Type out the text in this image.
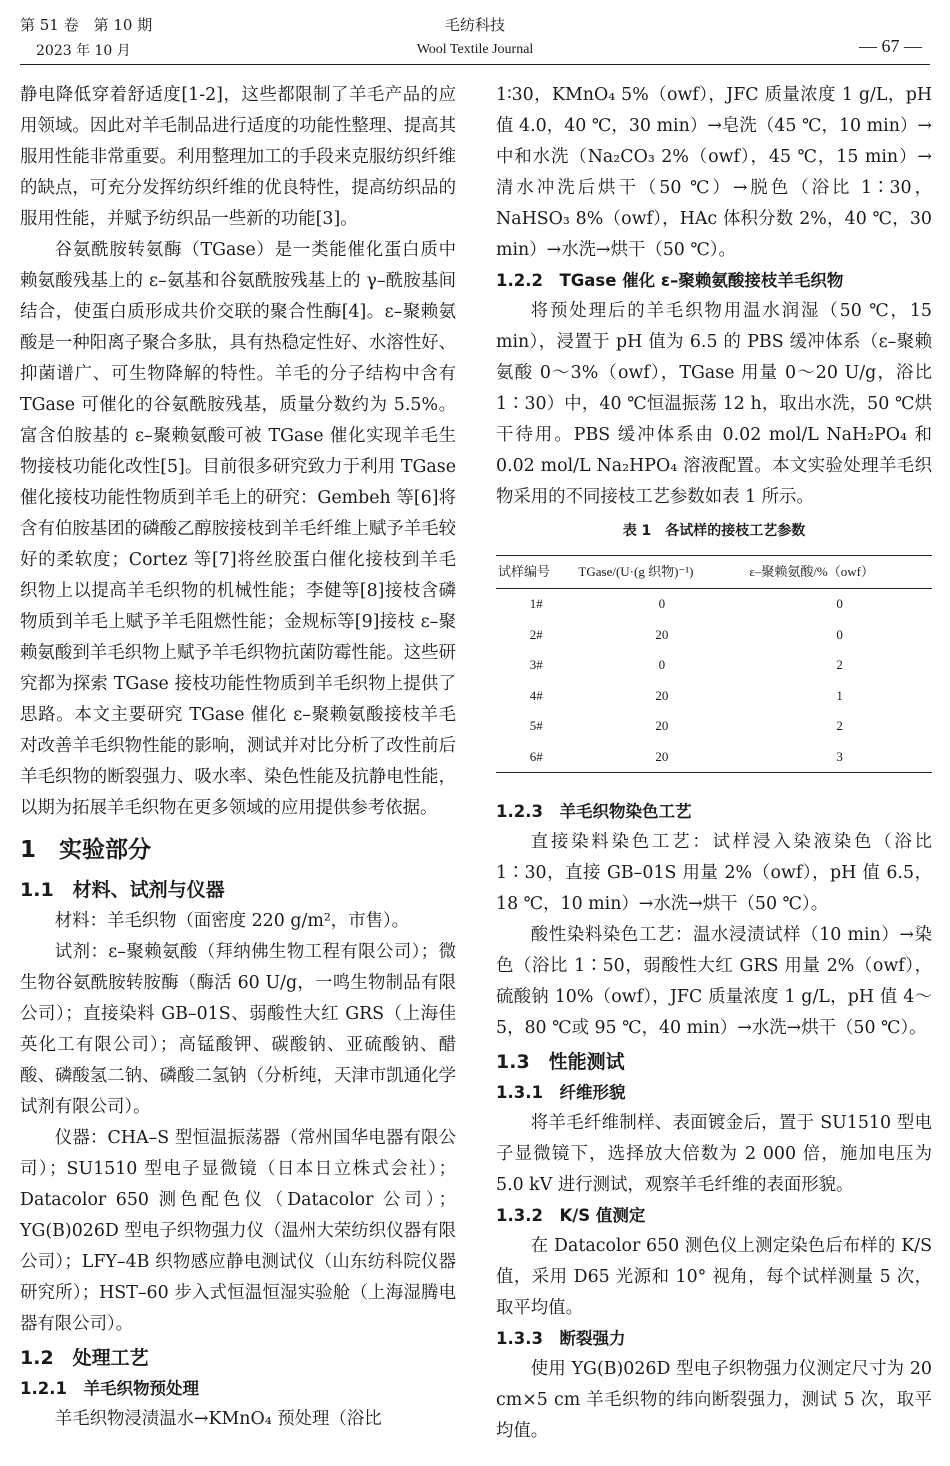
第 51 卷　第 10 期
2023 年 10 月
毛纺科技
Wool Textile Journal	— 67 —

静电降低穿着舒适度[1-2]，这些都限制了羊毛产品的应用领域。因此对羊毛制品进行适度的功能性整理、提高其服用性能非常重要。利用整理加工的手段来克服纺织纤维的缺点，可充分发挥纺织纤维的优良特性，提高纺织品的服用性能，并赋予纺织品一些新的功能[3]。

谷氨酰胺转氨酶（TGase）是一类能催化蛋白质中赖氨酸残基上的 ε–氨基和谷氨酰胺残基上的 γ–酰胺基间结合，使蛋白质形成共价交联的聚合性酶[4]。ε–聚赖氨酸是一种阳离子聚合多肽，具有热稳定性好、水溶性好、抑菌谱广、可生物降解的特性。羊毛的分子结构中含有 TGase 可催化的谷氨酰胺残基，质量分数约为 5.5%。富含伯胺基的 ε–聚赖氨酸可被 TGase 催化实现羊毛生物接枝功能化改性[5]。目前很多研究致力于利用 TGase 催化接枝功能性物质到羊毛上的研究：Gembeh 等[6]将含有伯胺基团的磷酸乙醇胺接枝到羊毛纤维上赋予羊毛较好的柔软度；Cortez 等[7]将丝胶蛋白催化接枝到羊毛织物上以提高羊毛织物的机械性能；李健等[8]接枝含磷物质到羊毛上赋予羊毛阻燃性能；金规标等[9]接枝 ε–聚赖氨酸到羊毛织物上赋予羊毛织物抗菌防霉性能。这些研究都为探索 TGase 接枝功能性物质到羊毛织物上提供了思路。本文主要研究 TGase 催化 ε–聚赖氨酸接枝羊毛对改善羊毛织物性能的影响，测试并对比分析了改性前后羊毛织物的断裂强力、吸水率、染色性能及抗静电性能，以期为拓展羊毛织物在更多领域的应用提供参考依据。

1　实验部分
1.1　材料、试剂与仪器

材料：羊毛织物（面密度 220 g/m²，市售）。

试剂：ε–聚赖氨酸（拜纳佛生物工程有限公司）；微生物谷氨酰胺转胺酶（酶活 60 U/g，一鸣生物制品有限公司）；直接染料 GB–01S、弱酸性大红 GRS（上海佳英化工有限公司）；高锰酸钾、碳酸钠、亚硫酸钠、醋酸、磷酸氢二钠、磷酸二氢钠（分析纯，天津市凯通化学试剂有限公司）。

仪器：CHA–S 型恒温振荡器（常州国华电器有限公司）；SU1510 型电子显微镜（日本日立株式会社）；Datacolor 650 测色配色仪（Datacolor 公司）；YG(B)026D 型电子织物强力仪（温州大荣纺织仪器有限公司）；LFY–4B 织物感应静电测试仪（山东纺科院仪器研究所）；HST–60 步入式恒温恒湿实验舱（上海湿腾电器有限公司）。

1.2　处理工艺
1.2.1　羊毛织物预处理

羊毛织物浸渍温水→KMnO₄ 预处理（浴比

1∶30，KMnO₄ 5%（owf），JFC 质量浓度 1 g/L，pH 值 4.0，40 ℃，30 min）→皂洗（45 ℃，10 min）→中和水洗（Na₂CO₃ 2%（owf），45 ℃，15 min）→清水冲洗后烘干（50 ℃）→脱色（浴比 1∶30，NaHSO₃ 8%（owf），HAc 体积分数 2%，40 ℃，30 min）→水洗→烘干（50 ℃）。

1.2.2　TGase 催化 ε–聚赖氨酸接枝羊毛织物

将预处理后的羊毛织物用温水润湿（50 ℃，15 min），浸置于 pH 值为 6.5 的 PBS 缓冲体系（ε–聚赖氨酸 0～3%（owf），TGase 用量 0～20 U/g，浴比 1∶30）中，40 ℃恒温振荡 12 h，取出水洗，50 ℃烘干待用。PBS 缓冲体系由 0.02 mol/L NaH₂PO₄ 和 0.02 mol/L Na₂HPO₄ 溶液配置。本文实验处理羊毛织物采用的不同接枝工艺参数如表 1 所示。

表 1　各试样的接枝工艺参数
试样编号	TGase/(U·(g 织物)⁻¹)	ε–聚赖氨酸/%（owf）
1#	0	0
2#	20	0
3#	0	2
4#	20	1
5#	20	2
6#	20	3
1.2.3　羊毛织物染色工艺

直接染料染色工艺：试样浸入染液染色（浴比 1∶30，直接 GB–01S 用量 2%（owf），pH 值 6.5，18 ℃，10 min）→水洗→烘干（50 ℃）。

酸性染料染色工艺：温水浸渍试样（10 min）→染色（浴比 1∶50，弱酸性大红 GRS 用量 2%（owf），硫酸钠 10%（owf），JFC 质量浓度 1 g/L，pH 值 4～5，80 ℃或 95 ℃，40 min）→水洗→烘干（50 ℃）。

1.3　性能测试
1.3.1　纤维形貌

将羊毛纤维制样、表面镀金后，置于 SU1510 型电子显微镜下，选择放大倍数为 2 000 倍，施加电压为 5.0 kV 进行测试，观察羊毛纤维的表面形貌。

1.3.2　K/S 值测定

在 Datacolor 650 测色仪上测定染色后布样的 K/S 值，采用 D65 光源和 10° 视角，每个试样测量 5 次，取平均值。

1.3.3　断裂强力

使用 YG(B)026D 型电子织物强力仪测定尺寸为 20 cm×5 cm 羊毛织物的纬向断裂强力，测试 5 次，取平均值。
